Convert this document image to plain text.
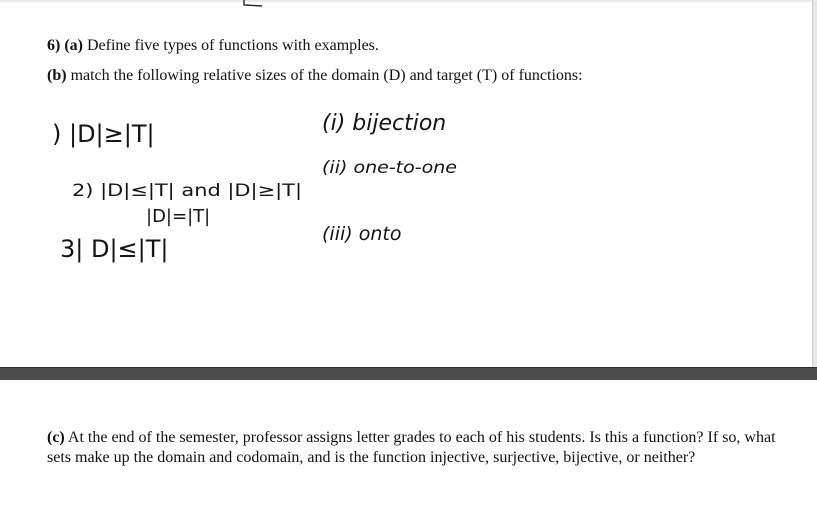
6) (a) Define five types of functions with examples.

(b) match the following relative sizes of the domain (D) and target (T) of functions:

) |D|≥|T|
2) |D|≤|T| and |D|≥|T|
|D|=|T|
3| D|≤|T|
(i) bijection
(ii) one-to-one
(iii) onto

(c) At the end of the semester, professor assigns letter grades to each of his students. Is this a function? If so, what sets make up the domain and codomain, and is the function injective, surjective, bijective, or neither?
